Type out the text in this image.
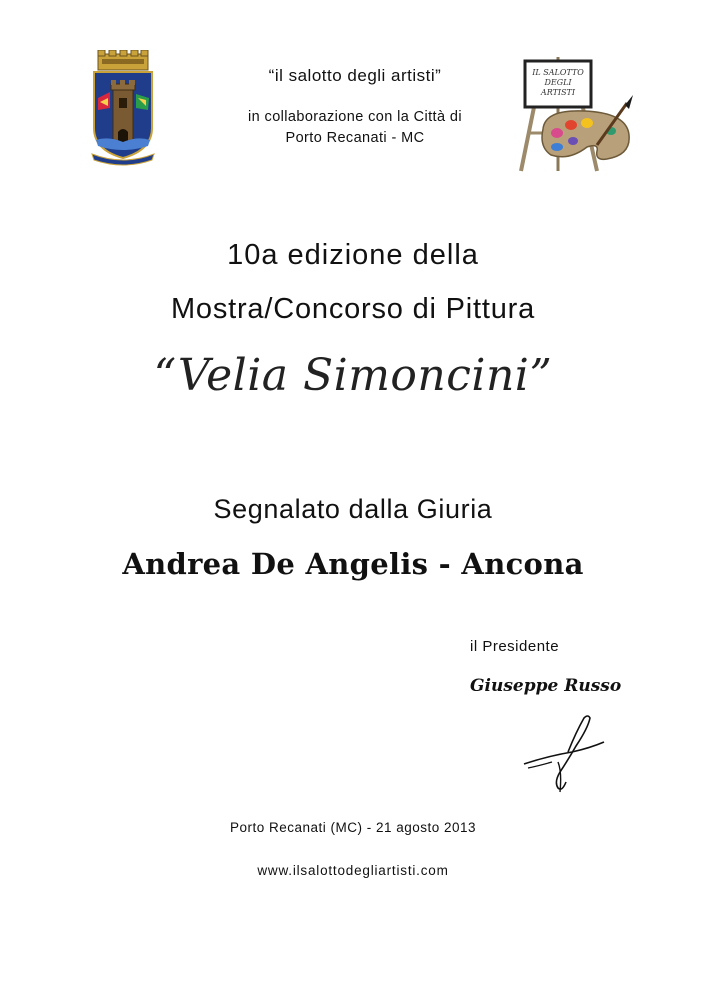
IL SALOTTO
DEGLI
ARTISTI
“il salotto degli artisti”
in collaborazione con la Città di
Porto Recanati - MC
10a edizione della
Mostra/Concorso di Pittura
“Velia Simoncini”
Segnalato dalla Giuria
Andrea De Angelis - Ancona
il Presidente
Giuseppe Russo
Porto Recanati (MC) - 21 agosto 2013
www.ilsalottodegliartisti.com
